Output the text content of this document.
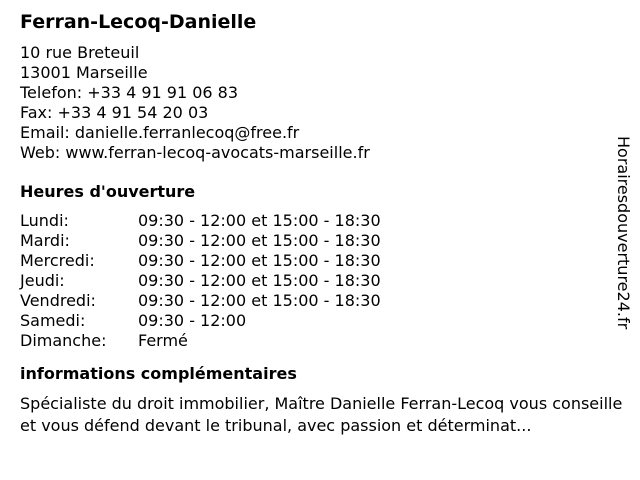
Ferran-Lecoq-Danielle
10 rue Breteuil
13001 Marseille
Telefon: +33 4 91 91 06 83
Fax: +33 4 91 54 20 03
Email: danielle.ferranlecoq@free.fr
Web: www.ferran-lecoq-avocats-marseille.fr
Heures d'ouverture
Lundi:	09:30 - 12:00 et 15:00 - 18:30
Mardi:	09:30 - 12:00 et 15:00 - 18:30
Mercredi:	09:30 - 12:00 et 15:00 - 18:30
Jeudi:	09:30 - 12:00 et 15:00 - 18:30
Vendredi:	09:30 - 12:00 et 15:00 - 18:30
Samedi:	09:30 - 12:00
Dimanche: Fermé
informations complémentaires
Spécialiste du droit immobilier, Maître Danielle Ferran-Lecoq vous conseille et vous défend devant le tribunal, avec passion et déterminat...
Horairesdouverture24.fr
